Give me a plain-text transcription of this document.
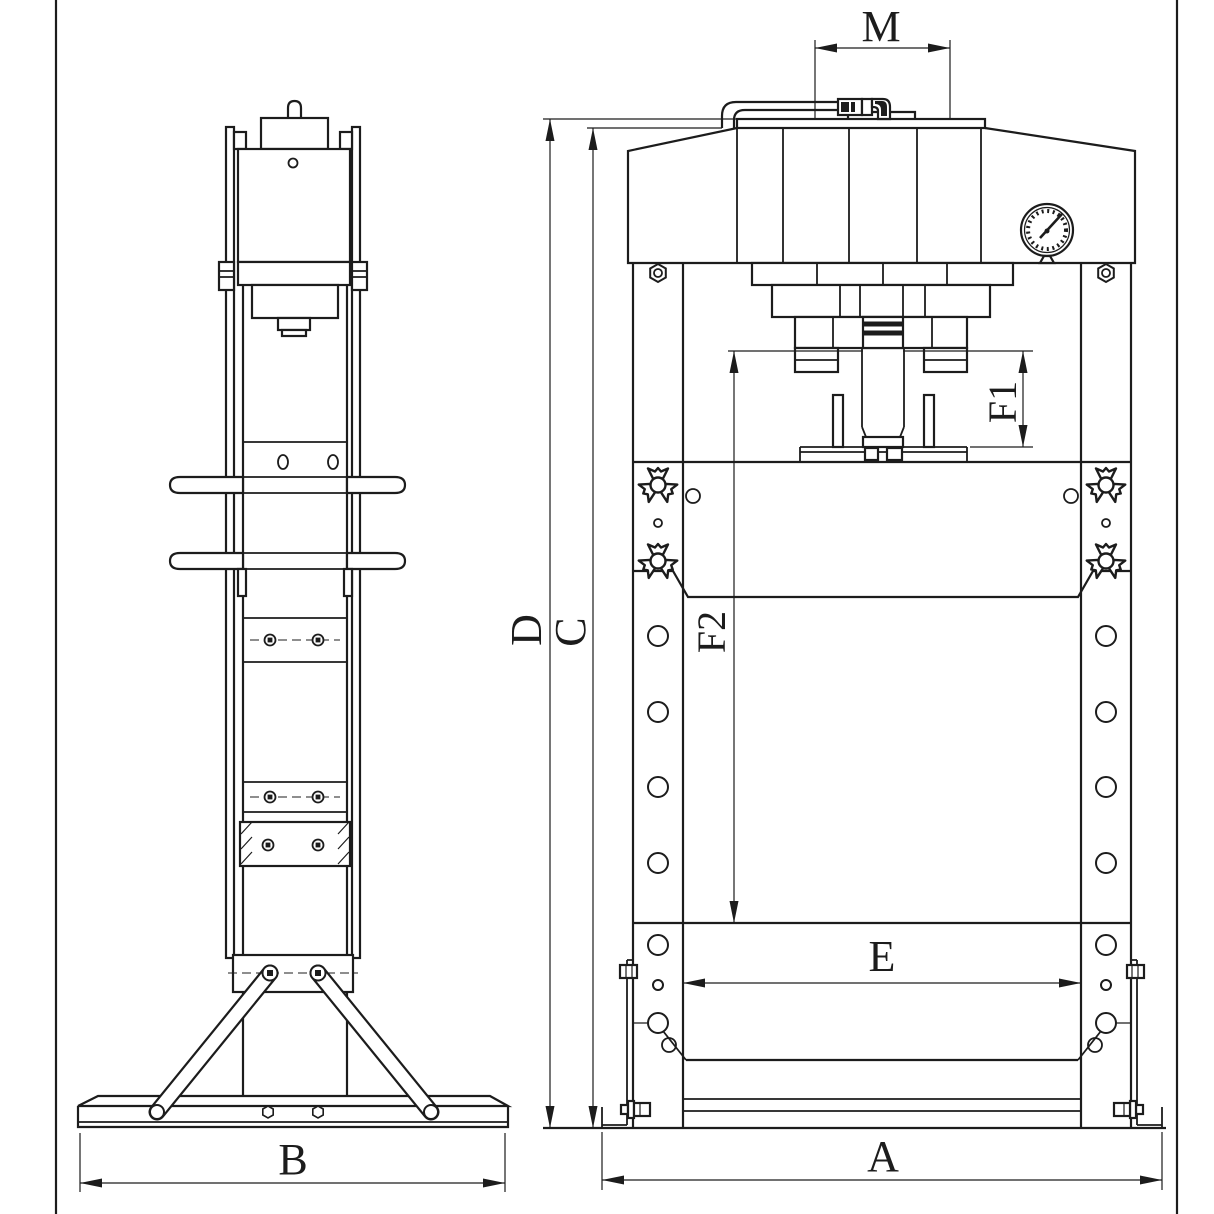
M
D
C
F1
F2
E
B	A
